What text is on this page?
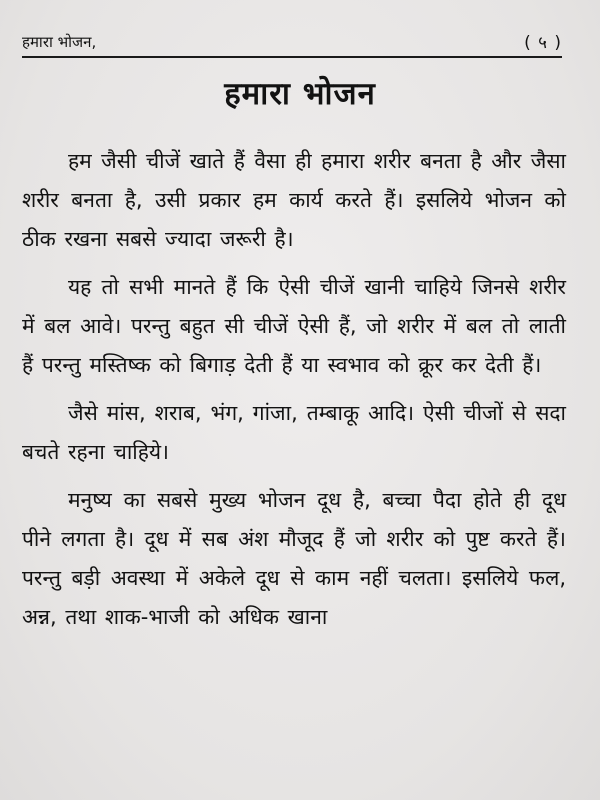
हमारा भोजन,	( ५ )
हमारा भोजन

हम जैसी चीजें खाते हैं वैसा ही हमारा शरीर बनता है और जैसा शरीर बनता है, उसी प्रकार हम कार्य करते हैं। इसलिये भोजन को ठीक रखना सबसे ज्यादा जरूरी है।

यह तो सभी मानते हैं कि ऐसी चीजें खानी चाहिये जिनसे शरीर में बल आवे। परन्तु बहुत सी चीजें ऐसी हैं, जो शरीर में बल तो लाती हैं परन्तु मस्तिष्क को बिगाड़ देती हैं या स्वभाव को क्रूर कर देती हैं।

जैसे मांस, शराब, भंग, गांजा, तम्बाकू आदि। ऐसी चीजों से सदा बचते रहना चाहिये।

मनुष्य का सबसे मुख्य भोजन दूध है, बच्चा पैदा होते ही दूध पीने लगता है। दूध में सब अंश मौजूद हैं जो शरीर को पुष्ट करते हैं। परन्तु बड़ी अवस्था में अकेले दूध से काम नहीं चलता। इसलिये फल, अन्न, तथा शाक-भाजी को अधिक खाना
